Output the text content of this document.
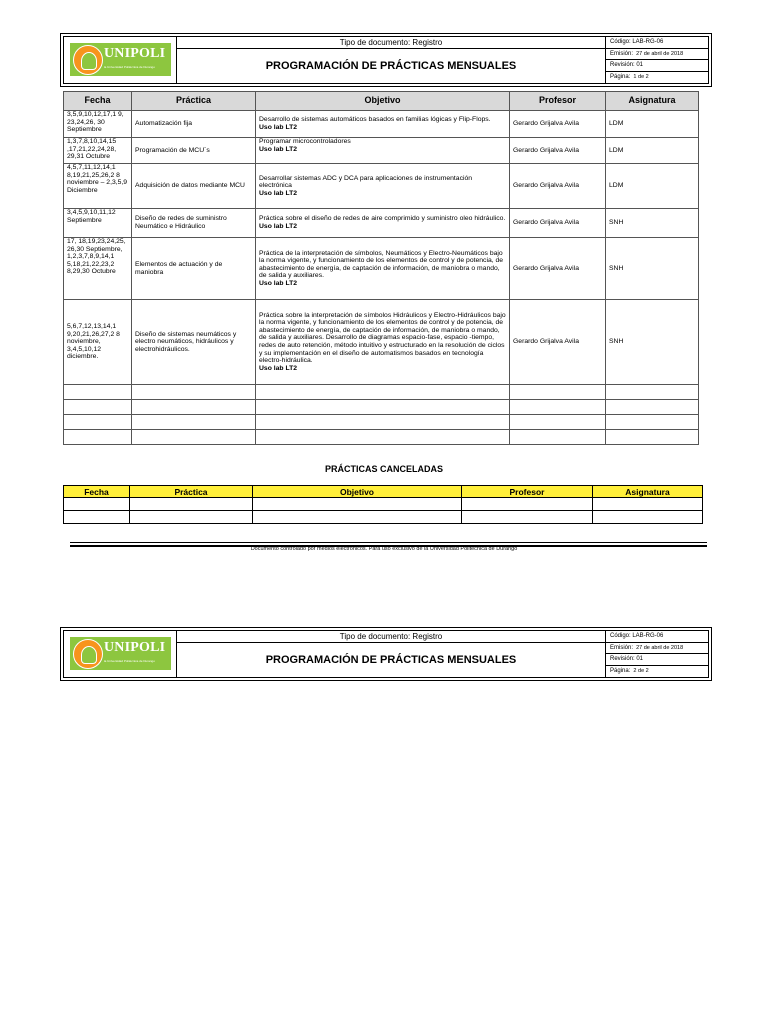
UNIPOLI
la Universidad Politécnica de Durango
Tipo de documento: Registro
PROGRAMACIÓN DE PRÁCTICAS MENSUALES
Código: LAB-RG-06
Emisión: 27 de abril de 2018
Revisión: 01
Página: 1 de 2
Fecha	Práctica	Objetivo	Profesor	Asignatura
3,5,9,10,12,17,1 9, 23,24,26, 30 Septiembre	Automatización fija	Desarrollo de sistemas automáticos basados en familias lógicas y Flip-Flops.
Uso lab LT2	Gerardo Grijalva Avila	LDM
1,3,7,8,10,14,15 ,17,21,22,24,28, 29,31 Octubre	Programación de MCU´s	Programar microcontroladores
Uso lab LT2	Gerardo Grijalva Avila	LDM
4,5,7,11,12,14,1 8,19,21,25,26,2 8 noviembre – 2,3,5,9 Diciembre	Adquisición de datos mediante MCU	Desarrollar sistemas ADC y DCA para aplicaciones de instrumentación electrónica
Uso lab LT2	Gerardo Grijalva Avila	LDM
3,4,5,9,10,11,12 Septiembre	Diseño de redes de suministro Neumático e Hidráulico	Práctica sobre el diseño de redes de aire comprimido y suministro oleo hidráulico.
Uso lab LT2	Gerardo Grijalva Avila	SNH
17, 18,19,23,24,25, 26,30 Septiembre, 1,2,3,7,8,9,14,1 5,18,21,22,23,2 8,29,30 Octubre	Elementos de actuación y de maniobra	Práctica de la interpretación de símbolos, Neumáticos y Electro-Neumáticos bajo la norma vigente, y funcionamiento de los elementos de control y de potencia, de abastecimiento de energía, de captación de información, de maniobra o mando, de salida y auxiliares.
Uso lab LT2	Gerardo Grijalva Avila	SNH
5,6,7,12,13,14,1 9,20,21,26,27,2 8 noviembre, 3,4,5,10,12 diciembre.	Diseño de sistemas neumáticos y electro neumáticos, hidráulicos y electrohidráulicos.	Práctica sobre la interpretación de símbolos Hidráulicos y Electro-Hidráulicos bajo la norma vigente, y funcionamiento de los elementos de control y de potencia, de abastecimiento de energía, de captación de información, de maniobra o mando, de salida y auxiliares. Desarrollo de diagramas espacio-fase, espacio -tiempo, redes de auto retención, método intuitivo y estructurado en la resolución de ciclos y su implementación en el diseño de automatismos basados en tecnología electro-hidráulica.
Uso lab LT2	Gerardo Grijalva Avila	SNH

PRÁCTICAS CANCELADAS
Fecha	Práctica	Objetivo	Profesor	Asignatura

Documento controlado por medios electrónicos. Para uso exclusivo de la Universidad Politécnica de Durango
UNIPOLI
la Universidad Politécnica de Durango
Tipo de documento: Registro
PROGRAMACIÓN DE PRÁCTICAS MENSUALES
Código: LAB-RG-06
Emisión: 27 de abril de 2018
Revisión: 01
Página: 2 de 2
